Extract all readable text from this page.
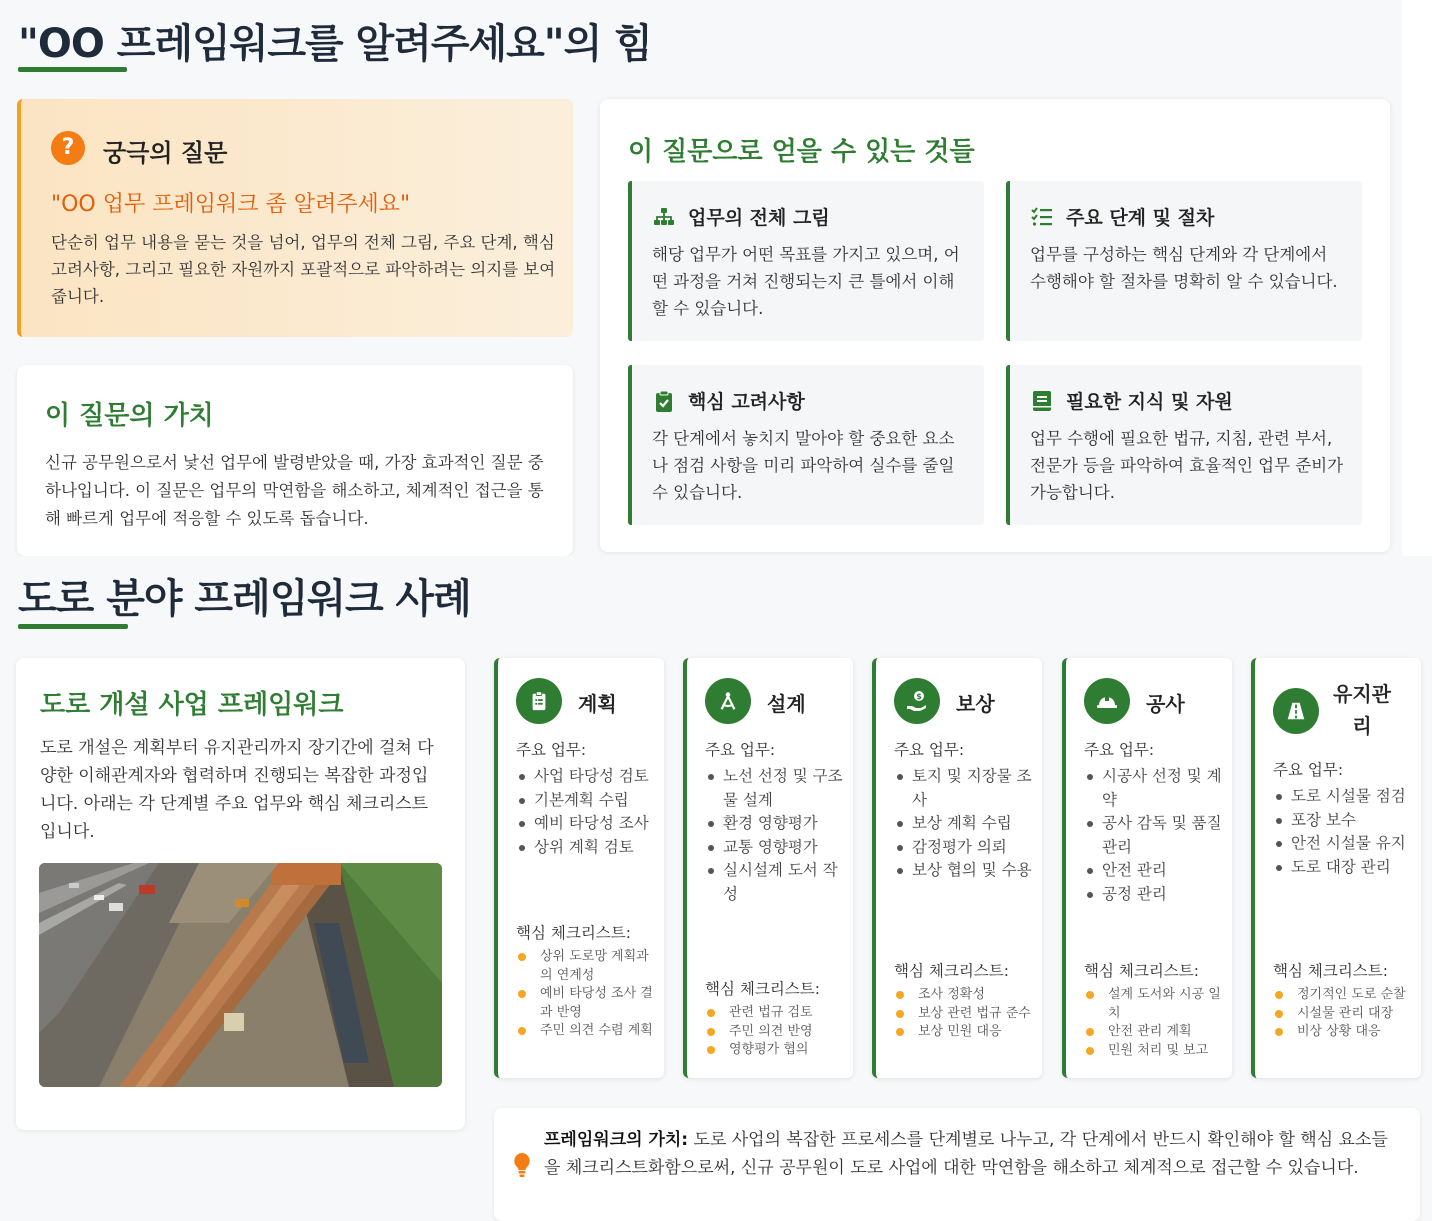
"OO 프레임워크를 알려주세요"의 힘
?	궁극의 질문
"OO 업무 프레임워크 좀 알려주세요"
단순히 업무 내용을 묻는 것을 넘어, 업무의 전체 그림, 주요 단계, 핵심 고려사항, 그리고 필요한 자원까지 포괄적으로 파악하려는 의지를 보여줍니다.
이 질문의 가치
신규 공무원으로서 낯선 업무에 발령받았을 때, 가장 효과적인 질문 중 하나입니다. 이 질문은 업무의 막연함을 해소하고, 체계적인 접근을 통해 빠르게 업무에 적응할 수 있도록 돕습니다.
이 질문으로 얻을 수 있는 것들
업무의 전체 그림
해당 업무가 어떤 목표를 가지고 있으며, 어떤 과정을 거쳐 진행되는지 큰 틀에서 이해할 수 있습니다.
주요 단계 및 절차
업무를 구성하는 핵심 단계와 각 단계에서 수행해야 할 절차를 명확히 알 수 있습니다.
핵심 고려사항
각 단계에서 놓치지 말아야 할 중요한 요소나 점검 사항을 미리 파악하여 실수를 줄일 수 있습니다.
필요한 지식 및 자원
업무 수행에 필요한 법규, 지침, 관련 부서, 전문가 등을 파악하여 효율적인 업무 준비가 가능합니다.
도로 분야 프레임워크 사례
도로 개설 사업 프레임워크
도로 개설은 계획부터 유지관리까지 장기간에 걸쳐 다양한 이해관계자와 협력하며 진행되는 복잡한 과정입니다. 아래는 각 단계별 주요 업무와 핵심 체크리스트입니다.
계획
주요 업무:
사업 타당성 검토
기본계획 수립
예비 타당성 조사
상위 계획 검토
핵심 체크리스트:
상위 도로망 계획과의 연계성
예비 타당성 조사 결과 반영
주민 의견 수렴 계획
설계
주요 업무:
노선 선정 및 구조물 설계
환경 영향평가
교통 영향평가
실시설계 도서 작성
핵심 체크리스트:
관련 법규 검토
주민 의견 반영
영향평가 협의
$ 보상
주요 업무:
토지 및 지장물 조사
보상 계획 수립
감정평가 의뢰
보상 협의 및 수용
핵심 체크리스트:
조사 정확성
보상 관련 법규 준수
보상 민원 대응
공사
주요 업무:
시공사 선정 및 계약
공사 감독 및 품질 관리
안전 관리
공정 관리
핵심 체크리스트:
설계 도서와 시공 일치
안전 관리 계획
민원 처리 및 보고
유지관리
주요 업무:
도로 시설물 점검
포장 보수
안전 시설물 유지
도로 대장 관리
핵심 체크리스트:
정기적인 도로 순찰
시설물 관리 대장
비상 상황 대응
프레임워크의 가치: 도로 사업의 복잡한 프로세스를 단계별로 나누고, 각 단계에서 반드시 확인해야 할 핵심 요소들을 체크리스트화함으로써, 신규 공무원이 도로 사업에 대한 막연함을 해소하고 체계적으로 접근할 수 있습니다.
